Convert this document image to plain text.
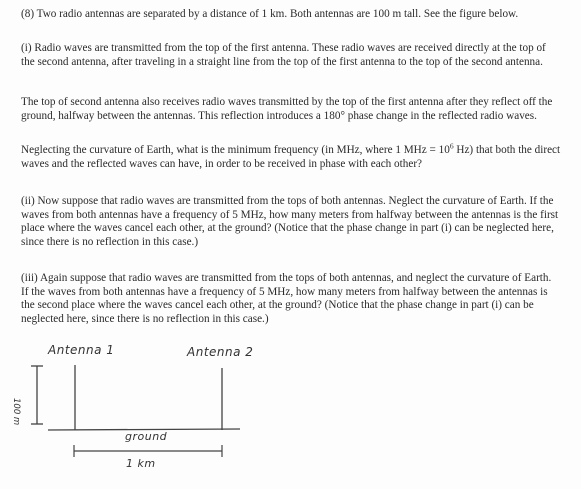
(8) Two radio antennas are separated by a distance of 1 km. Both antennas are 100 m tall. See the figure below.

(i) Radio waves are transmitted from the top of the first antenna. These radio waves are received directly at the top of the second antenna, after traveling in a straight line from the top of the first antenna to the top of the second antenna.

The top of second antenna also receives radio waves transmitted by the top of the first antenna after they reflect off the ground, halfway between the antennas. This reflection introduces a 180° phase change in the reflected radio waves.

Neglecting the curvature of Earth, what is the minimum frequency (in MHz, where 1 MHz = $10^6$ Hz) that both the direct waves and the reflected waves can have, in order to be received in phase with each other?

(ii) Now suppose that radio waves are transmitted from the tops of both antennas. Neglect the curvature of Earth. If the waves from both antennas have a frequency of 5 MHz, how many meters from halfway between the antennas is the first place where the waves cancel each other, at the ground? (Notice that the phase change in part (i) can be neglected here, since there is no reflection in this case.)

(iii) Again suppose that radio waves are transmitted from the tops of both antennas, and neglect the curvature of Earth. If the waves from both antennas have a frequency of 5 MHz, how many meters from halfway between the antennas is the second place where the waves cancel each other, at the ground? (Notice that the phase change in part (i) can be neglected here, since there is no reflection in this case.)

Antenna 1	Antenna 2
100 m
ground
1 km
